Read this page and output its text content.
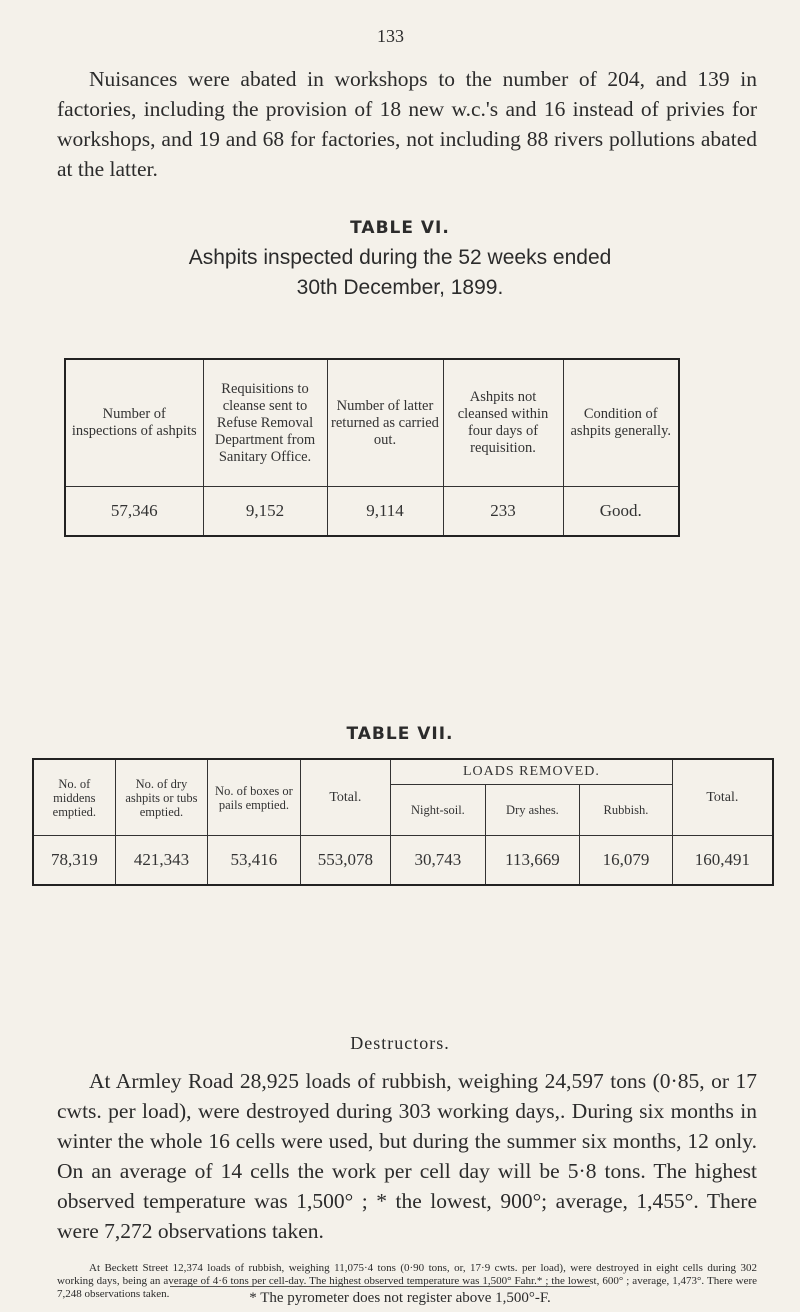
133

Nuisances were abated in workshops to the number of 204, and 139 in factories, including the provision of 18 new w.c.'s and 16 instead of privies for workshops, and 19 and 68 for factories, not including 88 rivers pollutions abated at the latter.

TABLE VI.
Ashpits inspected during the 52 weeks ended
30th December, 1899.
Number of inspections of ashpits	Requisitions to cleanse sent to Refuse Removal Department from Sanitary Office.	Number of latter returned as carried out.	Ashpits not cleansed within four days of requisition.	Condition of ashpits generally.
57,346	9,152	9,114	233	Good.
TABLE VII.
No. of middens emptied.	No. of dry ashpits or tubs emptied.	No. of boxes or pails emptied.	Total.	LOADS REMOVED.			Total.
				Night-soil.	Dry ashes.	Rubbish.	
78,319	421,343	53,416	553,078	30,743	113,669	16,079	160,491
Destructors.

At Armley Road 28,925 loads of rubbish, weighing 24,597 tons (0·85, or 17 cwts. per load), were destroyed during 303 working days,. During six months in winter the whole 16 cells were used, but during the summer six months, 12 only. On an average of 14 cells the work per cell day will be 5·8 tons. The highest observed temperature was 1,500° ; * the lowest, 900°; average, 1,455°. There were 7,272 observations taken.

At Beckett Street 12,374 loads of rubbish, weighing 11,075·4 tons (0·90 tons, or, 17·9 cwts. per load), were destroyed in eight cells during 302 working days, being an average of 4·6 tons per cell-day. The highest observed temperature was 1,500° Fahr.* ; the lowest, 600° ; average, 1,473°. There were 7,248 observations taken.	* The pyrometer does not register above 1,500°-F.
